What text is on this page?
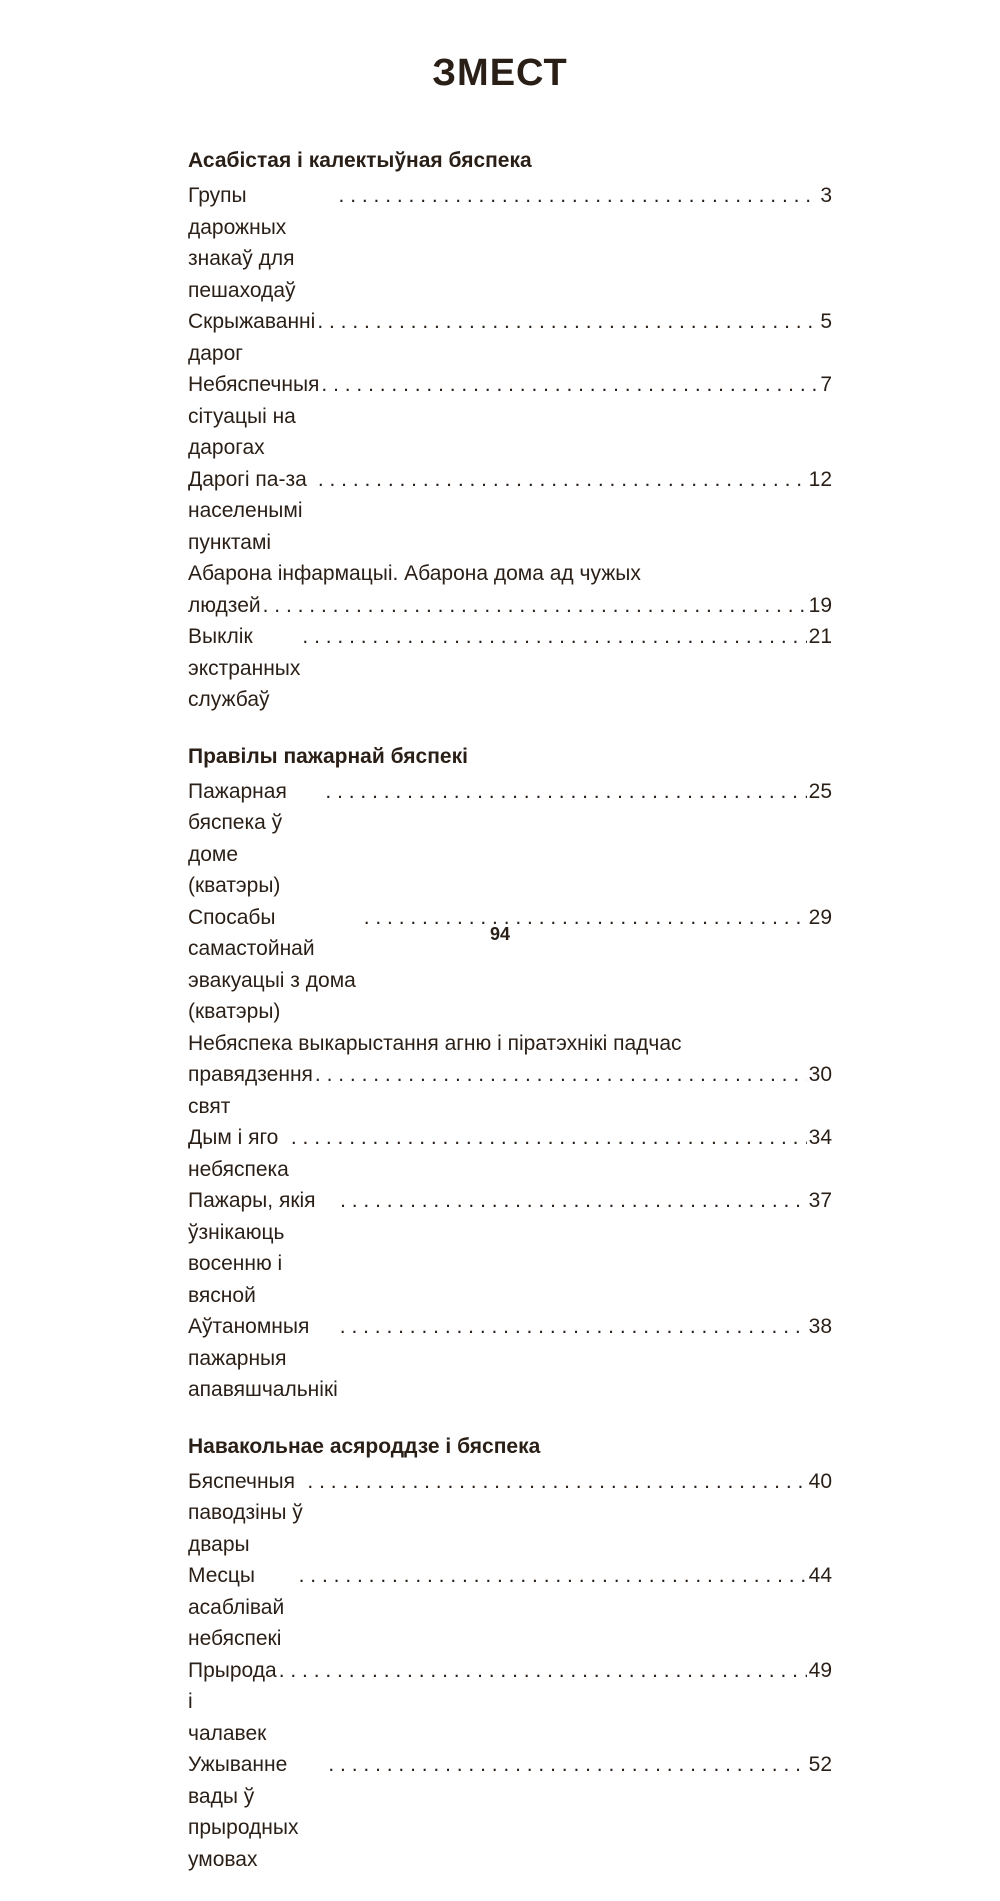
ЗМЕСТ
Асабістая і калектыўная бяспека
Групы дарожных знакаў для пешаходаў
. . .
3
Скрыжаванні дарог
. . .
5
Небяспечныя сітуацыі на дарогах
. . .
7
Дарогі па-за населенымі пунктамі
. . .
12
Абарона інфармацыі. Абарона дома ад чужых
людзей
. . .	19
Выклік экстранных службаў
. . .
21
Правілы пажарнай бяспекі
Пажарная бяспека ў доме (кватэры)
. . .
25
Спосабы самастойнай эвакуацыі з дома (кватэры)
. . .
29
Небяспека выкарыстання агню і піратэхнікі падчас
правядзення свят
. . .
30
Дым і яго небяспека
. . .
34
Пажары, якія ўзнікаюць восенню і вясной
. . .
37
Аўтаномныя пажарныя апавяшчальнікі
. . .
38
Навакольнае асяроддзе і бяспека
Бяспечныя паводзіны ў двары
. . .
40
Месцы асаблівай небяспекі
. . .
44
Прырода і чалавек
. . .
49
Ужыванне вады ў прыродных умовах
. . .
52
94
